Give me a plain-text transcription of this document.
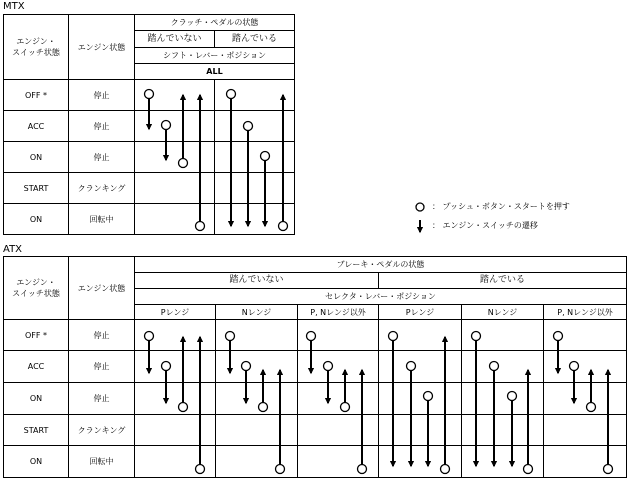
MTX
エンジン・
スイッチ状態	エンジン状態	クラッチ・ペダルの状態	
		踏んでいない	踏んでいる
		シフト・レバー・ポジション	
		ALL	
OFF *	停止		
ACC	停止		
ON	停止		
START	クランキング		
ON	回転中		
ATX
エンジン・
スイッチ状態	エンジン状態	ブレーキ・ペダルの状態					
		踏んでいない			踏んでいる		
		セレクタ・レバー・ポジション					
		Pレンジ	Nレンジ	P, Nレンジ以外	Pレンジ	Nレンジ	P, Nレンジ以外
OFF *	停止						
ACC	停止						
ON	停止						
START	クランキング						
ON	回転中						
： プッシュ・ボタン・スタートを押す
： エンジン・スイッチの遷移
